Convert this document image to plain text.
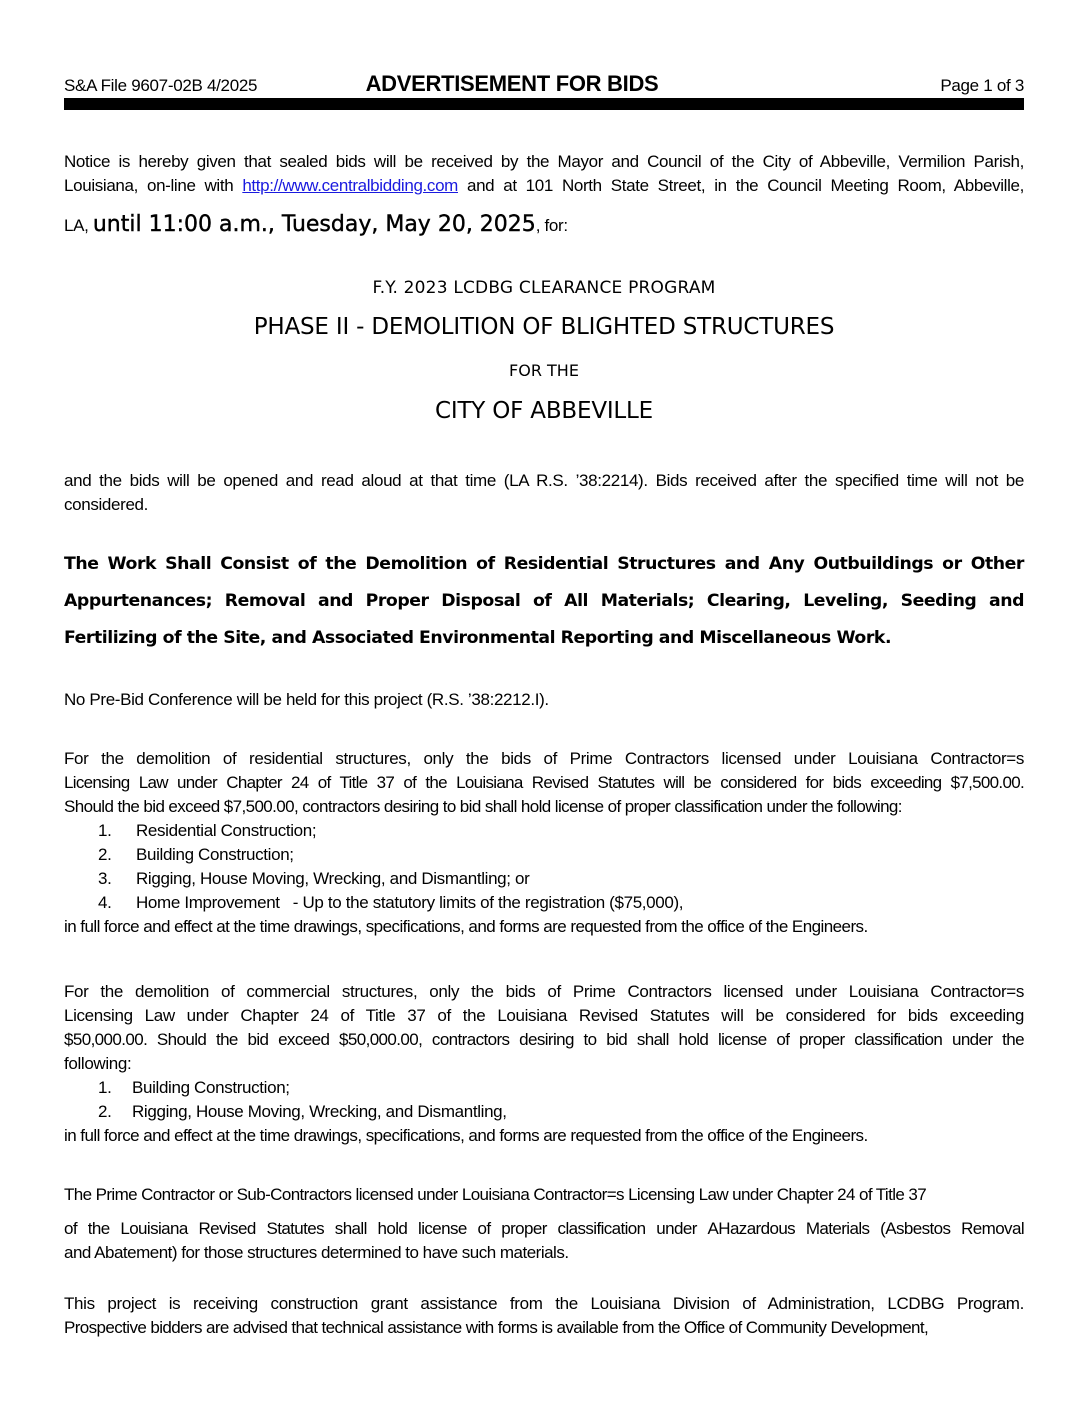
S&A File 9607-02Β 4/2025	ADVERTISEMENT FOR BIDS	Page 1 of 3
Notice is hereby given that sealed bids will be received by the Mayor and Council of the City of Abbeville, Vermilion Parish,
Louisiana, on-line with http://www.centralbidding.com and at 101 North State Street, in the Council Meeting Room, Abbeville,
LA, until 11:00 a.m., Tuesday, May 20, 2025, for:
F.Y. 2023 LCDBG CLEARANCE PROGRAM
PHASE II - DEMOLITION OF BLIGHTED STRUCTURES
FOR THE
CITY OF ABBEVILLE
and the bids will be opened and read aloud at that time (LA R.S. ’38:2214). Bids received after the specified time will not be
considered.
The Work Shall Consist of the Demolition of Residential Structures and Any Outbuildings or Other
Appurtenances; Removal and Proper Disposal of All Materials; Clearing, Leveling, Seeding and
Fertilizing of the Site, and Associated Environmental Reporting and Miscellaneous Work.
No Pre-Bid Conference will be held for this project (R.S. ’38:2212.I).
For the demolition of residential structures, only the bids of Prime Contractors licensed under Louisiana Contractor=s
Licensing Law under Chapter 24 of Title 37 of the Louisiana Revised Statutes will be considered for bids exceeding $7,500.00.
Should the bid exceed $7,500.00, contractors desiring to bid shall hold license of proper classification under the following:
1. Residential Construction;
2. Building Construction;
3. Rigging, House Moving, Wrecking, and Dismantling; or
4. Home Improvement   - Up to the statutory limits of the registration ($75,000),
in full force and effect at the time drawings, specifications, and forms are requested from the office of the Engineers.
For the demolition of commercial structures, only the bids of Prime Contractors licensed under Louisiana Contractor=s
Licensing Law under Chapter 24 of Title 37 of the Louisiana Revised Statutes will be considered for bids exceeding
$50,000.00. Should the bid exceed $50,000.00, contractors desiring to bid shall hold license of proper classification under the
following:
1. Building Construction;
2. Rigging, House Moving, Wrecking, and Dismantling,
in full force and effect at the time drawings, specifications, and forms are requested from the office of the Engineers.
The Prime Contractor or Sub-Contractors licensed under Louisiana Contractor=s Licensing Law under Chapter 24 of Title 37
of the Louisiana Revised Statutes shall hold license of proper classification under ΑHazardous Materials (Asbestos Removal
and Abatement) for those structures determined to have such materials.
This project is receiving construction grant assistance from the Louisiana Division of Administration, LCDBG Program.
Prospective bidders are advised that technical assistance with forms is available from the Office of Community Development,
